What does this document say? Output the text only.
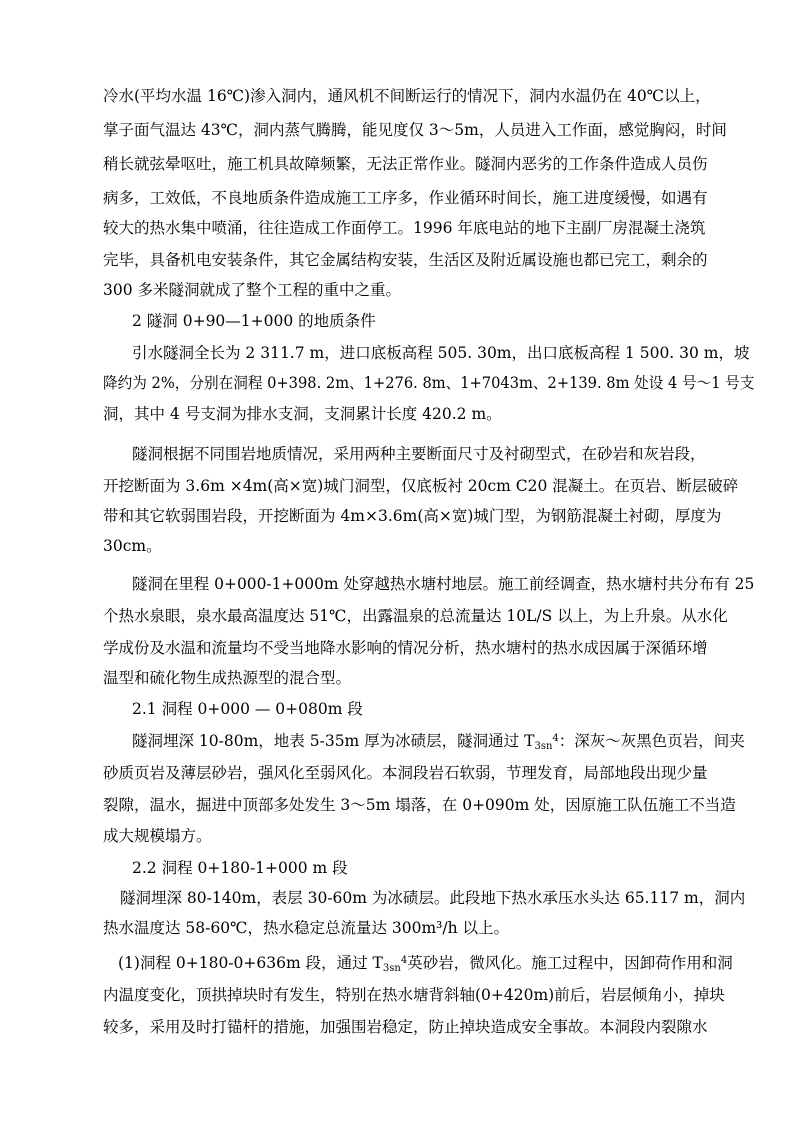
冷水(平均水温 16℃)渗入洞内，通风机不间断运行的情况下，洞内水温仍在 40℃以上，
掌子面气温达 43℃，洞内蒸气腾腾，能见度仅 3～5m，人员进入工作面，感觉胸闷，时间
稍长就弦晕呕吐，施工机具故障频繁，无法正常作业。隧洞内恶劣的工作条件造成人员伤
病多，工效低，不良地质条件造成施工工序多，作业循环时间长，施工进度缓慢，如遇有
较大的热水集中喷涌，往往造成工作面停工。1996 年底电站的地下主副厂房混凝土浇筑
完毕，具备机电安装条件，其它金属结构安装，生活区及附近属设施也都已完工，剩余的
300 多米隧洞就成了整个工程的重中之重。
2 隧洞 0+90—1+000 的地质条件
引水隧洞全长为 2 311.7 m，进口底板高程 505. 30m，出口底板高程 1 500. 30 m，坡
降约为 2%，分别在洞程 0+398. 2m、1+276. 8m、1+7043m、2+139. 8m 处设 4 号～1 号支
洞，其中 4 号支洞为排水支洞，支洞累计长度 420.2 m。
隧洞根据不同围岩地质情况，采用两种主要断面尺寸及衬砌型式，在砂岩和灰岩段，
开挖断面为 3.6m ×4m(高×宽)城门洞型，仅底板衬 20cm C20 混凝土。在页岩、断层破碎
带和其它软弱围岩段，开挖断面为 4m×3.6m(高×宽)城门型，为钢筋混凝土衬砌，厚度为
30cm。
隧洞在里程 0+000-1+000m 处穿越热水塘村地层。施工前经调查，热水塘村共分布有 25
个热水泉眼，泉水最高温度达 51℃，出露温泉的总流量达 10L/S 以上，为上升泉。从水化
学成份及水温和流量均不受当地降水影响的情况分析，热水塘村的热水成因属于深循环增
温型和硫化物生成热源型的混合型。
2.1 洞程 0+000 — 0+080m 段
隧洞埋深 10-80m，地表 5-35m 厚为冰碛层，隧洞通过 $T_{3sn}^4$：深灰～灰黑色页岩，间夹
砂质页岩及薄层砂岩，强风化至弱风化。本洞段岩石软弱，节理发育，局部地段出现少量
裂隙，温水，掘进中顶部多处发生 3～5m 塌落，在 0+090m 处，因原施工队伍施工不当造
成大规模塌方。
2.2 洞程 0+180-1+000 m 段
隧洞埋深 80-140m，表层 30-60m 为冰碛层。此段地下热水承压水头达 65.117 m，洞内
热水温度达 58-60℃，热水稳定总流量达 300m³/h 以上。
(1)洞程 0+180-0+636m 段，通过 $T_{3sn}^4$英砂岩，微风化。施工过程中，因卸荷作用和洞
内温度变化，顶拱掉块时有发生，特别在热水塘背斜轴(0+420m)前后，岩层倾角小，掉块
较多，采用及时打锚杆的措施，加强围岩稳定，防止掉块造成安全事故。本洞段内裂隙水
